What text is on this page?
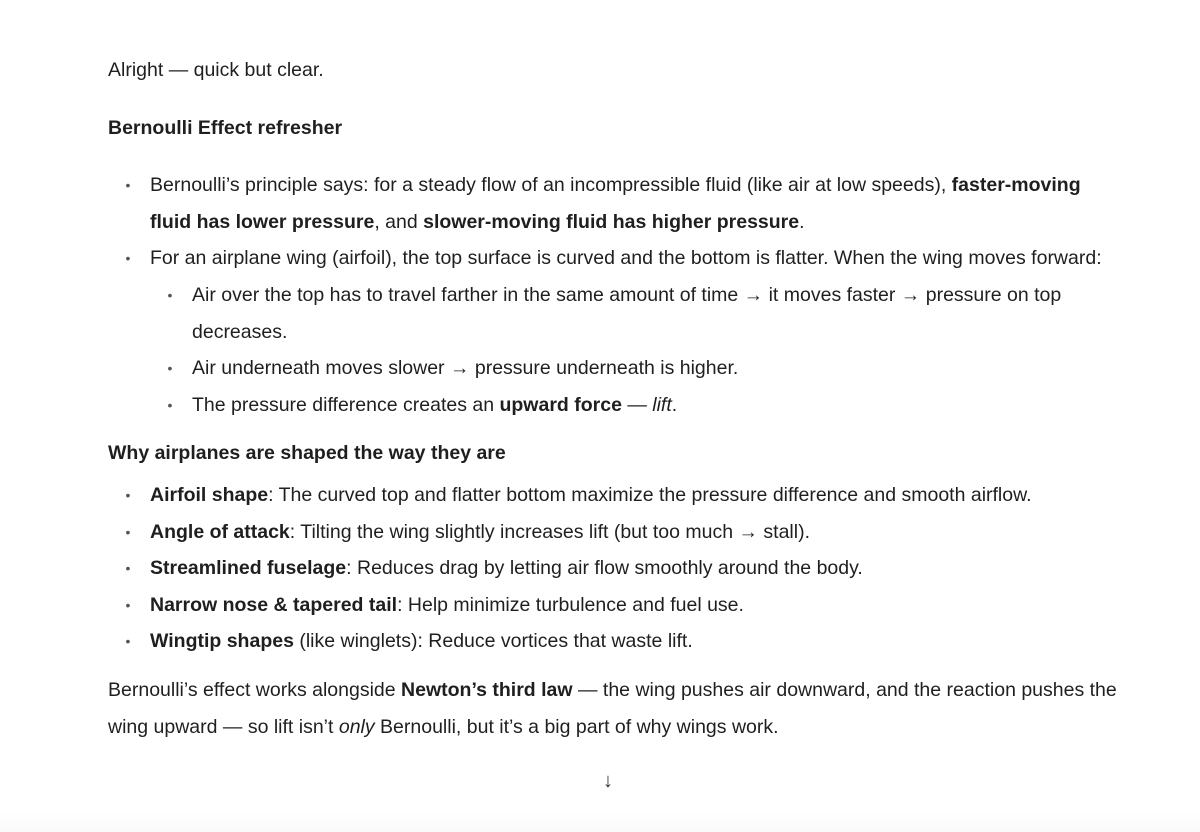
Alright — quick but clear.

Bernoulli Effect refresher

• Bernoulli’s principle says: for a steady flow of an incompressible fluid (like air at low speeds), faster-moving fluid has lower pressure, and slower-moving fluid has higher pressure.
• For an airplane wing (airfoil), the top surface is curved and the bottom is flatter. When the wing moves forward:
• Air over the top has to travel farther in the same amount of time → it moves faster → pressure on top decreases.
• Air underneath moves slower → pressure underneath is higher.
• The pressure difference creates an upward force — lift.

Why airplanes are shaped the way they are

• Airfoil shape: The curved top and flatter bottom maximize the pressure difference and smooth airflow.
• Angle of attack: Tilting the wing slightly increases lift (but too much → stall).
• Streamlined fuselage: Reduces drag by letting air flow smoothly around the body.
• Narrow nose & tapered tail: Help minimize turbulence and fuel use.
• Wingtip shapes (like winglets): Reduce vortices that waste lift.

Bernoulli’s effect works alongside Newton’s third law — the wing pushes air downward, and the reaction pushes the wing upward — so lift isn’t only Bernoulli, but it’s a big part of why wings work.

↓
